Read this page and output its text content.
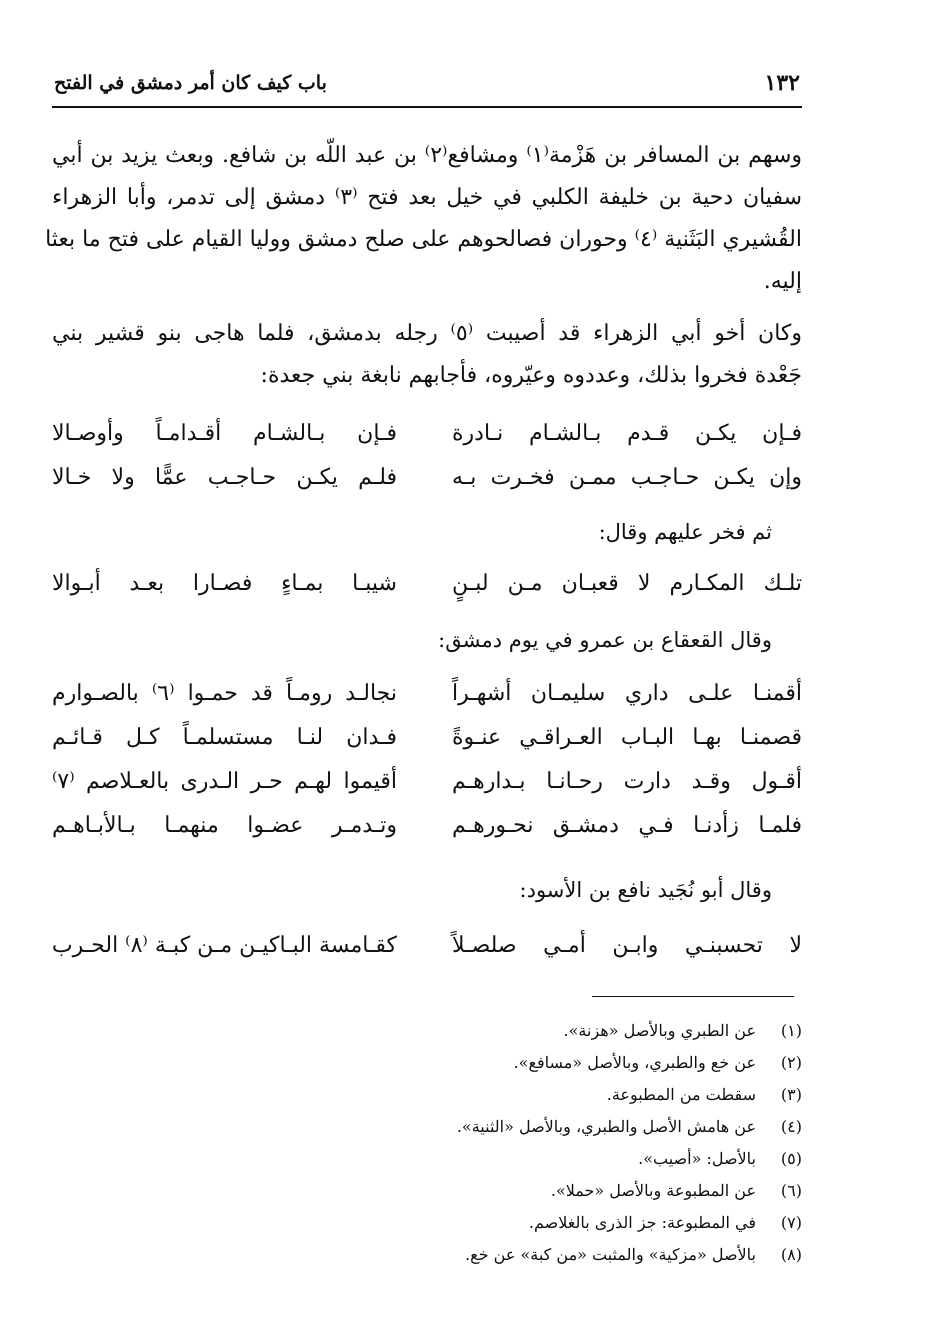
١٣٢
باب كيف كان أمر دمشق في الفتح
وسهم بن المسافر بن هَزْمة⁽١⁾ ومشافع⁽٢⁾ بن عبد اللّه بن شافع. وبعث يزيد بن أبي
سفيان دحية بن خليفة الكلبي في خيل بعد فتح ⁽٣⁾ دمشق إلى تدمر، وأبا الزهراء
القُشيري البَثَنية ⁽٤⁾ وحوران فصالحوهم على صلح دمشق ووليا القيام على فتح ما بعثا
إليه.
وكان أخو أبي الزهراء قد أصيبت ⁽٥⁾ رجله بدمشق، فلما هاجى بنو قشير بني
جَعْدة فخروا بذلك، وعددوه وعيّروه، فأجابهم نابغة بني جعدة:
فـإن يكـن قـدم بـالشـام نـادرة
فـإن بـالشـام أقـدامـاً وأوصـالا
وإن يكـن حـاجـب ممـن فخـرت بـه
فلـم يكـن حـاجـب عمًّا ولا خـالا
ثم فخر عليهم وقال:
تلـك المكـارم لا قعبـان مـن لبـنٍ
شيبـا بمـاءٍ فصـارا بعـد أبـوالا
وقال القعقاع بن عمرو في يوم دمشق:
أقمنـا علـى داري سليمـان أشهـراً
نجالـد رومـاً قد حمـوا ⁽٦⁾ بالصـوارم
قصمنـا بهـا البـاب العـراقـي عنـوةً
فـدان لنـا مستسلمـاً كـل قـائـم
أقـول وقـد دارت رحـانـا بـدارهـم
أقيموا لهـم حـر الـدرى بالعـلاصم ⁽٧⁾
فلمـا زأدنـا فـي دمشـق نحـورهـم
وتـدمـر عضـوا منهمـا بـالأبـاهـم
وقال أبو نُجَيد نافع بن الأسود:
لا تحسبنـي وابـن أمـي صلصـلاً
كقـامسة البـاكيـن مـن كبـة ⁽٨⁾ الحـرب
(١)عن الطبري وبالأصل «هزنة».
(٢)عن خع والطبري، وبالأصل «مسافع».
(٣)سقطت من المطبوعة.
(٤)عن هامش الأصل والطبري، وبالأصل «الثنية».
(٥)بالأصل: «أصيب».
(٦)عن المطبوعة وبالأصل «حملا».
(٧)في المطبوعة: جز الذرى بالغلاصم.
(٨)بالأصل «مزكية» والمثبت «من كبة» عن خع.
